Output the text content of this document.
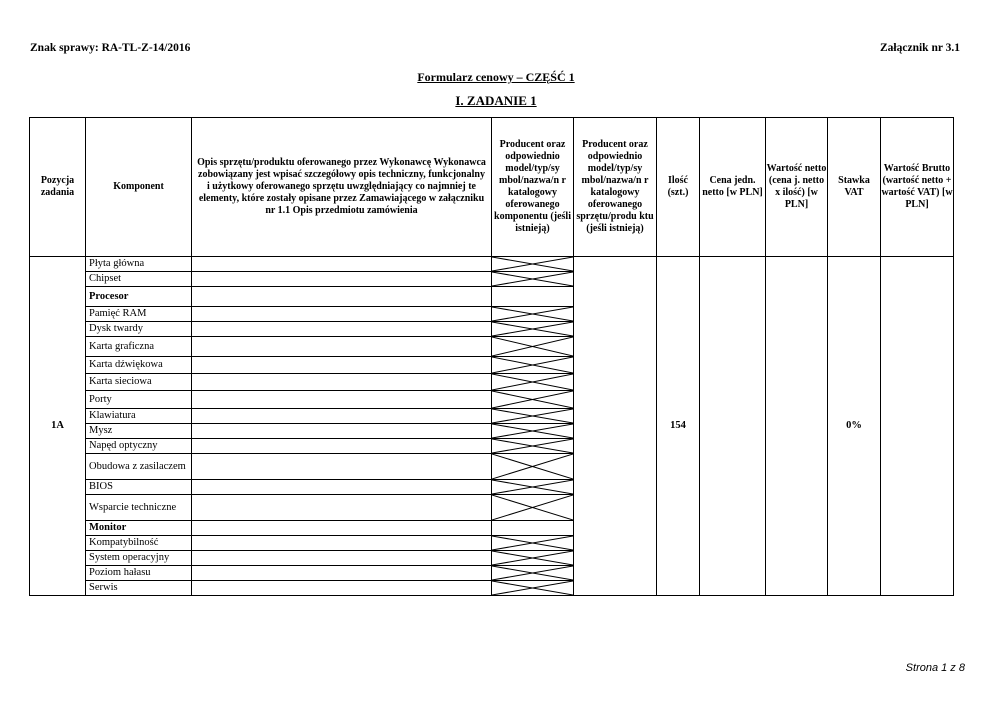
Znak sprawy: RA-TL-Z-14/2016	Załącznik nr 3.1
Formularz cenowy – CZĘŚĆ 1
I. ZADANIE 1
Pozycja zadania	Komponent	Opis sprzętu/produktu oferowanego przez Wykonawcę Wykonawca zobowiązany jest wpisać szczegółowy opis techniczny, funkcjonalny i użytkowy oferowanego sprzętu uwzględniający co najmniej te elementy, które zostały opisane przez Zamawiającego w załączniku nr 1.1 Opis przedmiotu zamówienia	Producent oraz odpowiednio model/typ/sy mbol/nazwa/n r katalogowy oferowanego komponentu (jeśli istnieją)	Producent oraz odpowiednio model/typ/sy mbol/nazwa/n r katalogowy oferowanego sprzętu/produ ktu (jeśli istnieją)	Ilość (szt.)	Cena jedn. netto [w PLN]	Wartość netto (cena j. netto x ilość) [w PLN]	Stawka VAT	Wartość Brutto (wartość netto + wartość VAT) [w PLN]
1A	Płyta główna				154			0%	
	Chipset		

	Procesor								
	Pamięć RAM		

	Dysk twardy		

	Karta graficzna		

	Karta dźwiękowa		

	Karta sieciowa		

	Porty		

	Klawiatura		

	Mysz		

	Napęd optyczny		

	Obudowa z zasilaczem		

	BIOS		

	Wsparcie techniczne		

	Monitor								
	Kompatybilność		

	System operacyjny		

	Poziom hałasu		

	Serwis		
Strona 1 z 8
